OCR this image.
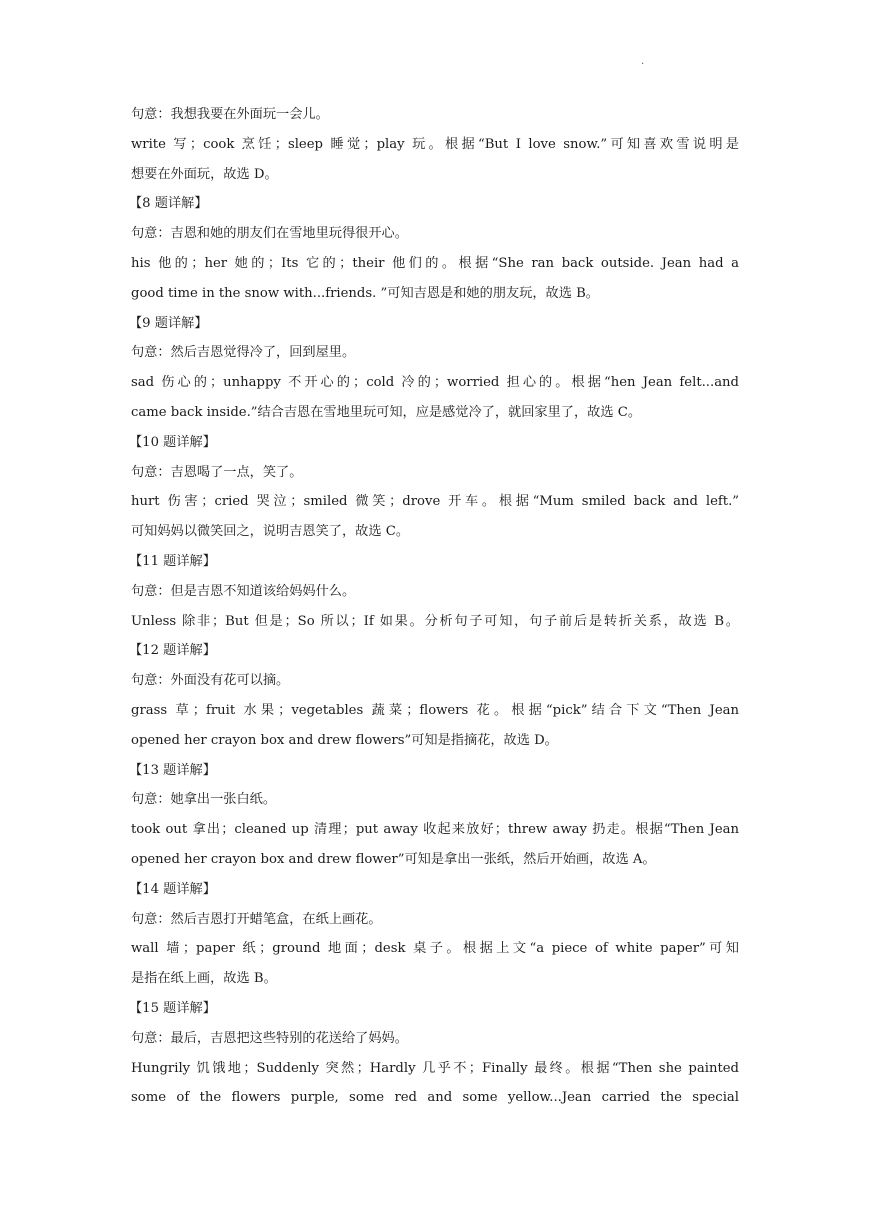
.
句意：我想我要在外面玩一会儿。
write 写；cook 烹饪；sleep 睡觉；play 玩。根据“But I love snow.”可知喜欢雪说明是
想要在外面玩，故选 D。
【8 题详解】
句意：吉恩和她的朋友们在雪地里玩得很开心。
his 他的；her 她的；Its 它的；their 他们的。根据“She ran back outside. Jean had a
good time in the snow with...friends. ”可知吉恩是和她的朋友玩，故选 B。
【9 题详解】
句意：然后吉恩觉得冷了，回到屋里。
sad 伤心的；unhappy 不开心的；cold 冷的；worried 担心的。根据“hen Jean felt...and
came back inside.”结合吉恩在雪地里玩可知，应是感觉冷了，就回家里了，故选 C。
【10 题详解】
句意：吉恩喝了一点，笑了。
hurt 伤害；cried 哭泣；smiled 微笑；drove 开车。根据“Mum smiled back and left.”
可知妈妈以微笑回之，说明吉恩笑了，故选 C。
【11 题详解】
句意：但是吉恩不知道该给妈妈什么。
Unless 除非；But 但是；So 所以；If 如果。分析句子可知，句子前后是转折关系，故选 B。
【12 题详解】
句意：外面没有花可以摘。
grass 草；fruit 水果；vegetables 蔬菜；flowers 花。根据“pick”结合下文“Then Jean
opened her crayon box and drew flowers”可知是指摘花，故选 D。
【13 题详解】
句意：她拿出一张白纸。
took out 拿出；cleaned up 清理；put away 收起来放好；threw away 扔走。根据“Then Jean
opened her crayon box and drew flower”可知是拿出一张纸，然后开始画，故选 A。
【14 题详解】
句意：然后吉恩打开蜡笔盒，在纸上画花。
wall 墙；paper 纸；ground 地面；desk 桌子。根据上文“a piece of white paper”可知
是指在纸上画，故选 B。
【15 题详解】
句意：最后，吉恩把这些特别的花送给了妈妈。
Hungrily 饥饿地；Suddenly 突然；Hardly 几乎不；Finally 最终。根据“Then she painted
some of the flowers purple, some red and some yellow...Jean carried the special
